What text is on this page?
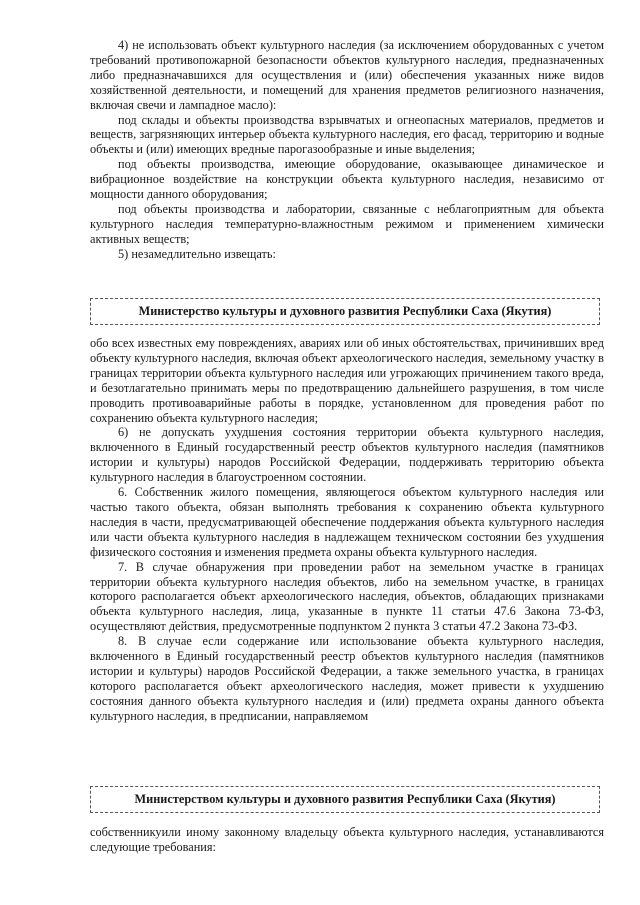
4) не использовать объект культурного наследия (за исключением оборудованных с учетом требований противопожарной безопасности объектов культурного наследия, предназначенных либо предназначавшихся для осуществления и (или) обеспечения указанных ниже видов хозяйственной деятельности, и помещений для хранения предметов религиозного назначения, включая свечи и лампадное масло):

под склады и объекты производства взрывчатых и огнеопасных материалов, предметов и веществ, загрязняющих интерьер объекта культурного наследия, его фасад, территорию и водные объекты и (или) имеющих вредные парогазообразные и иные выделения;

под объекты производства, имеющие оборудование, оказывающее динамическое и вибрационное воздействие на конструкции объекта культурного наследия, независимо от мощности данного оборудования;

под объекты производства и лаборатории, связанные с неблагоприятным для объекта культурного наследия температурно-влажностным режимом и применением химически активных веществ;

5) незамедлительно извещать:

Министерство культуры и духовного развития Республики Саха (Якутия)

обо всех известных ему повреждениях, авариях или об иных обстоятельствах, причинивших вред объекту культурного наследия, включая объект археологического наследия, земельному участку в границах территории объекта культурного наследия или угрожающих причинением такого вреда, и безотлагательно принимать меры по предотвращению дальнейшего разрушения, в том числе проводить противоаварийные работы в порядке, установленном для проведения работ по сохранению объекта культурного наследия;

6) не допускать ухудшения состояния территории объекта культурного наследия, включенного в Единый государственный реестр объектов культурного наследия (памятников истории и культуры) народов Российской Федерации, поддерживать территорию объекта культурного наследия в благоустроенном состоянии.

6. Собственник жилого помещения, являющегося объектом культурного наследия или частью такого объекта, обязан выполнять требования к сохранению объекта культурного наследия в части, предусматривающей обеспечение поддержания объекта культурного наследия или части объекта культурного наследия в надлежащем техническом состоянии без ухудшения физического состояния и изменения предмета охраны объекта культурного наследия.

7. В случае обнаружения при проведении работ на земельном участке в границах территории объекта культурного наследия объектов, либо на земельном участке, в границах которого располагается объект археологического наследия, объектов, обладающих признаками объекта культурного наследия, лица, указанные в пункте 11 статьи 47.6 Закона 73-ФЗ, осуществляют действия, предусмотренные подпунктом 2 пункта 3 статьи 47.2 Закона 73-ФЗ.

8. В случае если содержание или использование объекта культурного наследия, включенного в Единый государственный реестр объектов культурного наследия (памятников истории и культуры) народов Российской Федерации, а также земельного участка, в границах которого располагается объект археологического наследия, может привести к ухудшению состояния данного объекта культурного наследия и (или) предмета охраны данного объекта культурного наследия, в предписании, направляемом

Министерством культуры и духовного развития Республики Саха (Якутия)

собственникуили иному законному владельцу объекта культурного наследия, устанавливаются следующие требования:
